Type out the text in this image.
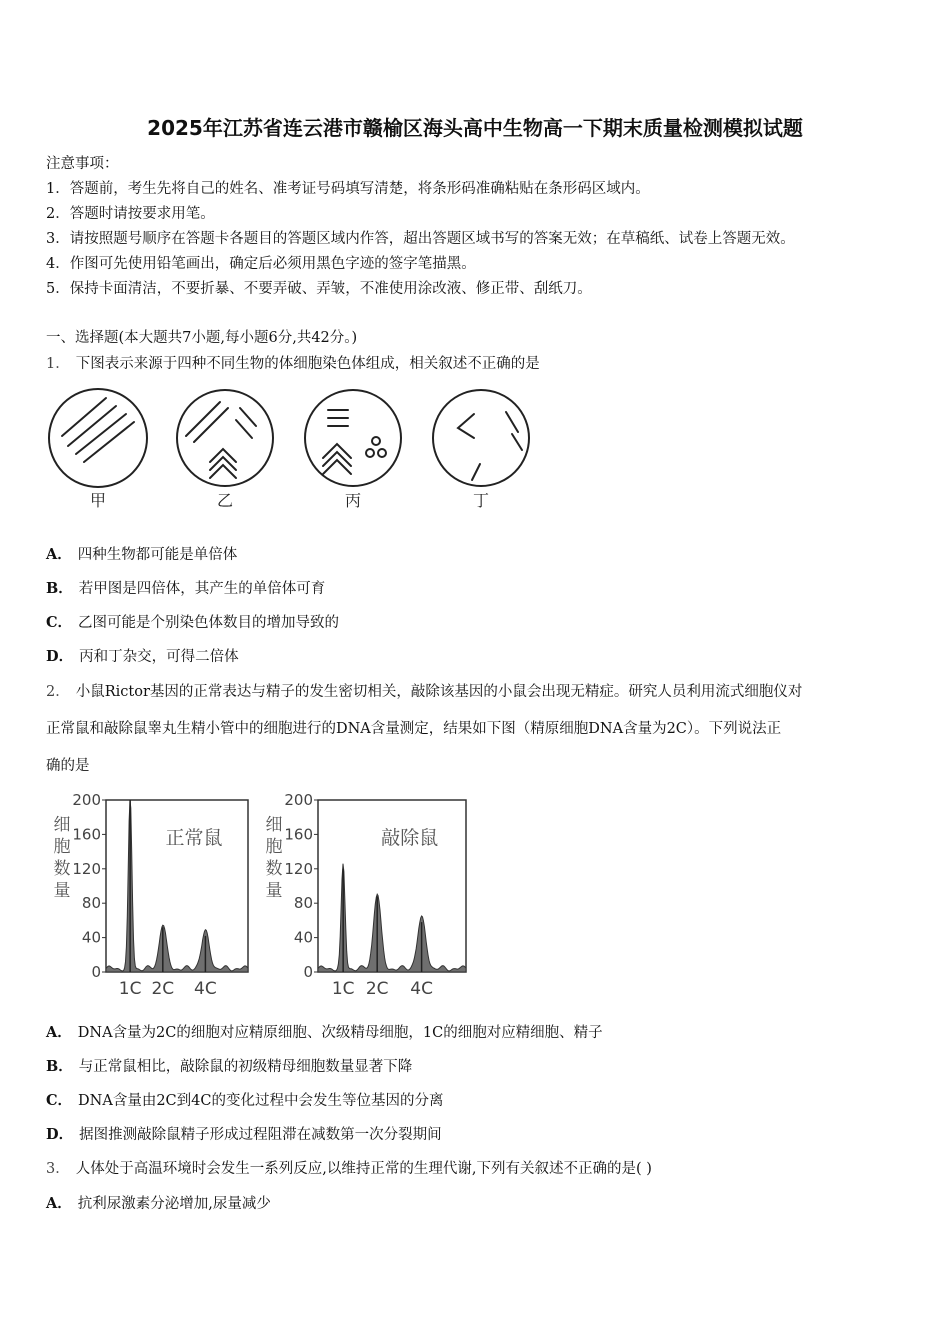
2025年江苏省连云港市赣榆区海头高中生物高一下期末质量检测模拟试题
注意事项：
1．答题前，考生先将自己的姓名、准考证号码填写清楚，将条形码准确粘贴在条形码区域内。
2．答题时请按要求用笔。
3．请按照题号顺序在答题卡各题目的答题区域内作答，超出答题区域书写的答案无效；在草稿纸、试卷上答题无效。
4．作图可先使用铅笔画出，确定后必须用黑色字迹的签字笔描黑。
5．保持卡面清洁，不要折暴、不要弄破、弄皱，不准使用涂改液、修正带、刮纸刀。
一、选择题(本大题共7小题,每小题6分,共42分。)
1． 下图表示来源于四种不同生物的体细胞染色体组成，相关叙述不正确的是
甲	乙	丙	丁
A． 四种生物都可能是单倍体
B． 若甲图是四倍体，其产生的单倍体可育
C． 乙图可能是个别染色体数目的增加导致的
D． 丙和丁杂交，可得二倍体
2． 小鼠Rictor基因的正常表达与精子的发生密切相关，敲除该基因的小鼠会出现无精症。研究人员利用流式细胞仪对
正常鼠和敲除鼠睾丸生精小管中的细胞进行的DNA含量测定，结果如下图（精原细胞DNA含量为2C）。下列说法正
确的是
200
160
120
80
40
0
细
胞
数
量
正常鼠
1C 2C 4C
200
160
120
80
40
0
细
胞
数
量
敲除鼠
1C 2C 4C
A． DNA含量为2C的细胞对应精原细胞、次级精母细胞，1C的细胞对应精细胞、精子
B． 与正常鼠相比，敲除鼠的初级精母细胞数量显著下降
C． DNA含量由2C到4C的变化过程中会发生等位基因的分离
D． 据图推测敲除鼠精子形成过程阻滞在减数第一次分裂期间
3． 人体处于高温环境时会发生一系列反应,以维持正常的生理代谢,下列有关叙述不正确的是( )
A． 抗利尿激素分泌增加,尿量减少
